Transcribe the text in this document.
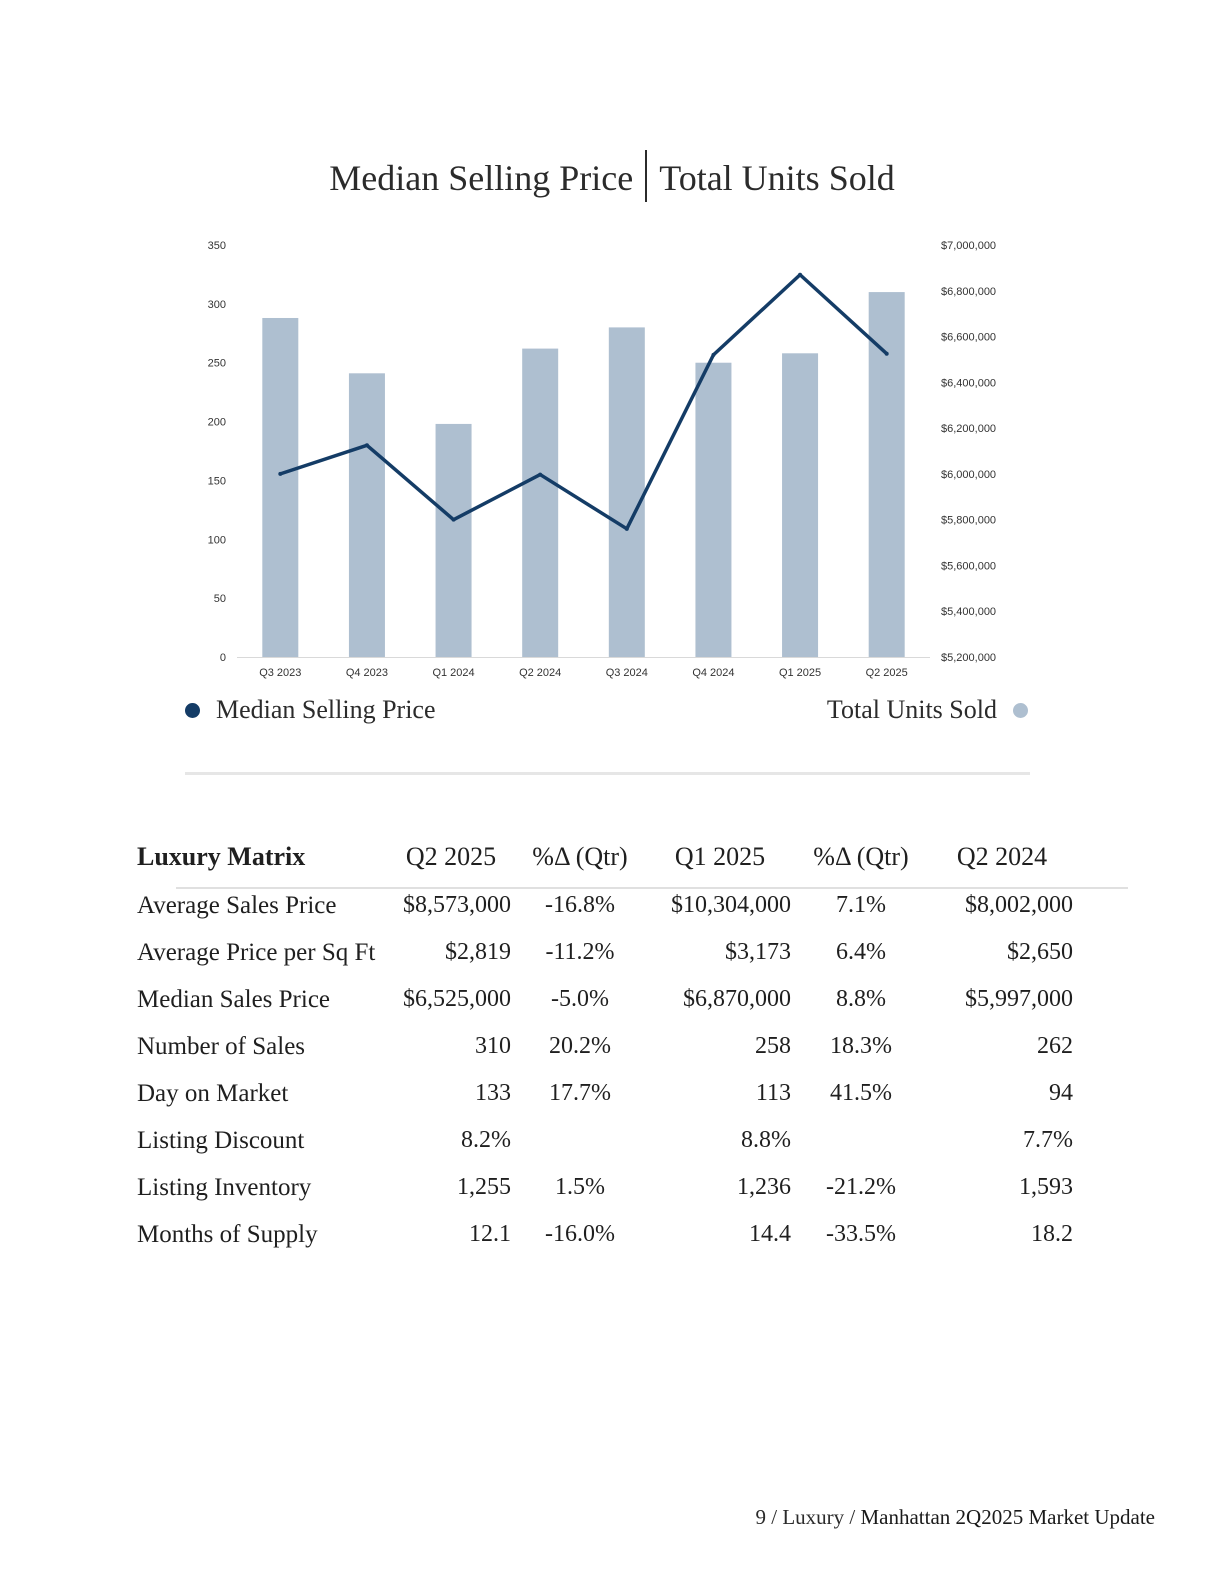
Median Selling Price Total Units Sold
0
50
100
150
200
250
300
350
$5,200,000
$5,400,000
$5,600,000
$5,800,000
$6,000,000
$6,200,000
$6,400,000
$6,600,000
$6,800,000
$7,000,000
Q3 2023	Q4 2023	Q1 2024	Q2 2024	Q3 2024	Q4 2024	Q1 2025	Q2 2025
Median Selling Price	Total Units Sold
Luxury Matrix	Q2 2025	%Δ (Qtr)	Q1 2025	%Δ (Qtr)	Q2 2024
Average Sales Price	$8,573,000	-16.8%	$10,304,000	7.1%	$8,002,000
Average Price per Sq Ft	$2,819	-11.2%	$3,173	6.4%	$2,650
Median Sales Price	$6,525,000	-5.0%	$6,870,000	8.8%	$5,997,000
Number of Sales	310	20.2%	258	18.3%	262
Day on Market	133	17.7%	113	41.5%	94
Listing Discount	8.2%		8.8%		7.7%
Listing Inventory	1,255	1.5%	1,236	-21.2%	1,593
Months of Supply	12.1	-16.0%	14.4	-33.5%	18.2
9 / Luxury / Manhattan 2Q2025 Market Update
